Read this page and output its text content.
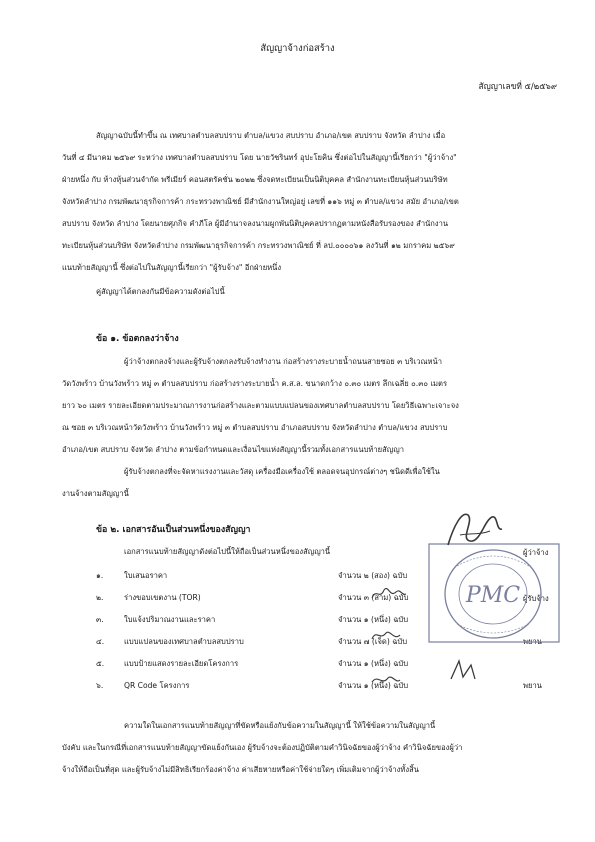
สัญญาจ้างก่อสร้าง
สัญญาเลขที่ ๕/๒๕๖๙
สัญญาฉบับนี้ทำขึ้น ณ เทศบาลตำบลสบปราบ ตำบล/แขวง สบปราบ อำเภอ/เขต สบปราบ จังหวัด ลำปาง เมื่อ
วันที่ ๔ มีนาคม ๒๕๖๙ ระหว่าง เทศบาลตำบลสบปราบ โดย นายวัชรินทร์ อุปะโยคิน ซึ่งต่อไปในสัญญานี้เรียกว่า "ผู้ว่าจ้าง"
ฝ่ายหนึ่ง กับ ห้างหุ้นส่วนจำกัด พรีเมียร์ คอนสตรัคชั่น ๒๐๒๒ ซึ่งจดทะเบียนเป็นนิติบุคคล สำนักงานทะเบียนหุ้นส่วนบริษัท
จังหวัดลำปาง กรมพัฒนาธุรกิจการค้า กระทรวงพาณิชย์ มีสำนักงานใหญ่อยู่ เลขที่ ๑๑๖ หมู่ ๓ ตำบล/แขวง สมัย อำเภอ/เขต
สบปราบ จังหวัด ลำปาง โดยนายศุภกิจ คำภีโล ผู้มีอำนาจลงนามผูกพันนิติบุคคลปรากฏตามหนังสือรับรองของ สำนักงาน
ทะเบียนหุ้นส่วนบริษัท จังหวัดลำปาง กรมพัฒนาธุรกิจการค้า กระทรวงพาณิชย์ ที่ ลป.๐๐๐๐๖๑ ลงวันที่ ๑๒ มกราคม ๒๕๖๙
แนบท้ายสัญญานี้ ซึ่งต่อไปในสัญญานี้เรียกว่า "ผู้รับจ้าง" อีกฝ่ายหนึ่ง
คู่สัญญาได้ตกลงกันมีข้อความดังต่อไปนี้
ข้อ ๑. ข้อตกลงว่าจ้าง
ผู้ว่าจ้างตกลงจ้างและผู้รับจ้างตกลงรับจ้างทำงาน ก่อสร้างรางระบายน้ำถนนสายซอย ๓ บริเวณหน้า
วัดวังพร้าว บ้านวังพร้าว หมู่ ๓ ตำบลสบปราบ ก่อสร้างรางระบายน้ำ ค.ส.ล. ขนาดกว้าง ๐.๓๐ เมตร ลึกเฉลี่ย ๐.๓๐ เมตร
ยาว ๖๐ เมตร รายละเอียดตามประมาณการงานก่อสร้างและตามแบบแปลนของเทศบาลตำบลสบปราบ โดยวิธีเฉพาะเจาะจง
ณ ซอย ๓ บริเวณหน้าวัดวังพร้าว บ้านวังพร้าว หมู่ ๓ ตำบลสบปราบ อำเภอสบปราบ จังหวัดลำปาง ตำบล/แขวง สบปราบ
อำเภอ/เขต สบปราบ จังหวัด ลำปาง ตามข้อกำหนดและเงื่อนไขแห่งสัญญานี้รวมทั้งเอกสารแนบท้ายสัญญา
ผู้รับจ้างตกลงที่จะจัดหาแรงงานและวัสดุ เครื่องมือเครื่องใช้ ตลอดจนอุปกรณ์ต่างๆ ชนิดดีเพื่อใช้ใน
งานจ้างตามสัญญานี้
ข้อ ๒. เอกสารอันเป็นส่วนหนึ่งของสัญญา
เอกสารแนบท้ายสัญญาดังต่อไปนี้ให้ถือเป็นส่วนหนึ่งของสัญญานี้
๑.	ใบเสนอราคา	จำนวน ๒ (สอง) ฉบับ
๒.	ร่างขอบเขตงาน (TOR)	จำนวน ๓ (สาม) ฉบับ
๓.	ใบแจ้งปริมาณงานและราคา	จำนวน ๑ (หนึ่ง) ฉบับ
๔.	แบบแปลนของเทศบาลตำบลสบปราบ	จำนวน ๗ (เจ็ด) ฉบับ
๕.	แบบป้ายแสดงรายละเอียดโครงการ	จำนวน ๑ (หนึ่ง) ฉบับ
๖.	QR Code โครงการ	จำนวน ๑ (หนึ่ง) ฉบับ
ผู้ว่าจ้าง
ผู้รับจ้าง
พยาน
พยาน
PMC
ความใดในเอกสารแนบท้ายสัญญาที่ขัดหรือแย้งกับข้อความในสัญญานี้ ให้ใช้ข้อความในสัญญานี้
บังคับ และในกรณีที่เอกสารแนบท้ายสัญญาขัดแย้งกันเอง ผู้รับจ้างจะต้องปฏิบัติตามคำวินิจฉัยของผู้ว่าจ้าง คำวินิจฉัยของผู้ว่า
จ้างให้ถือเป็นที่สุด และผู้รับจ้างไม่มีสิทธิเรียกร้องค่าจ้าง ค่าเสียหายหรือค่าใช้จ่ายใดๆ เพิ่มเติมจากผู้ว่าจ้างทั้งสิ้น
